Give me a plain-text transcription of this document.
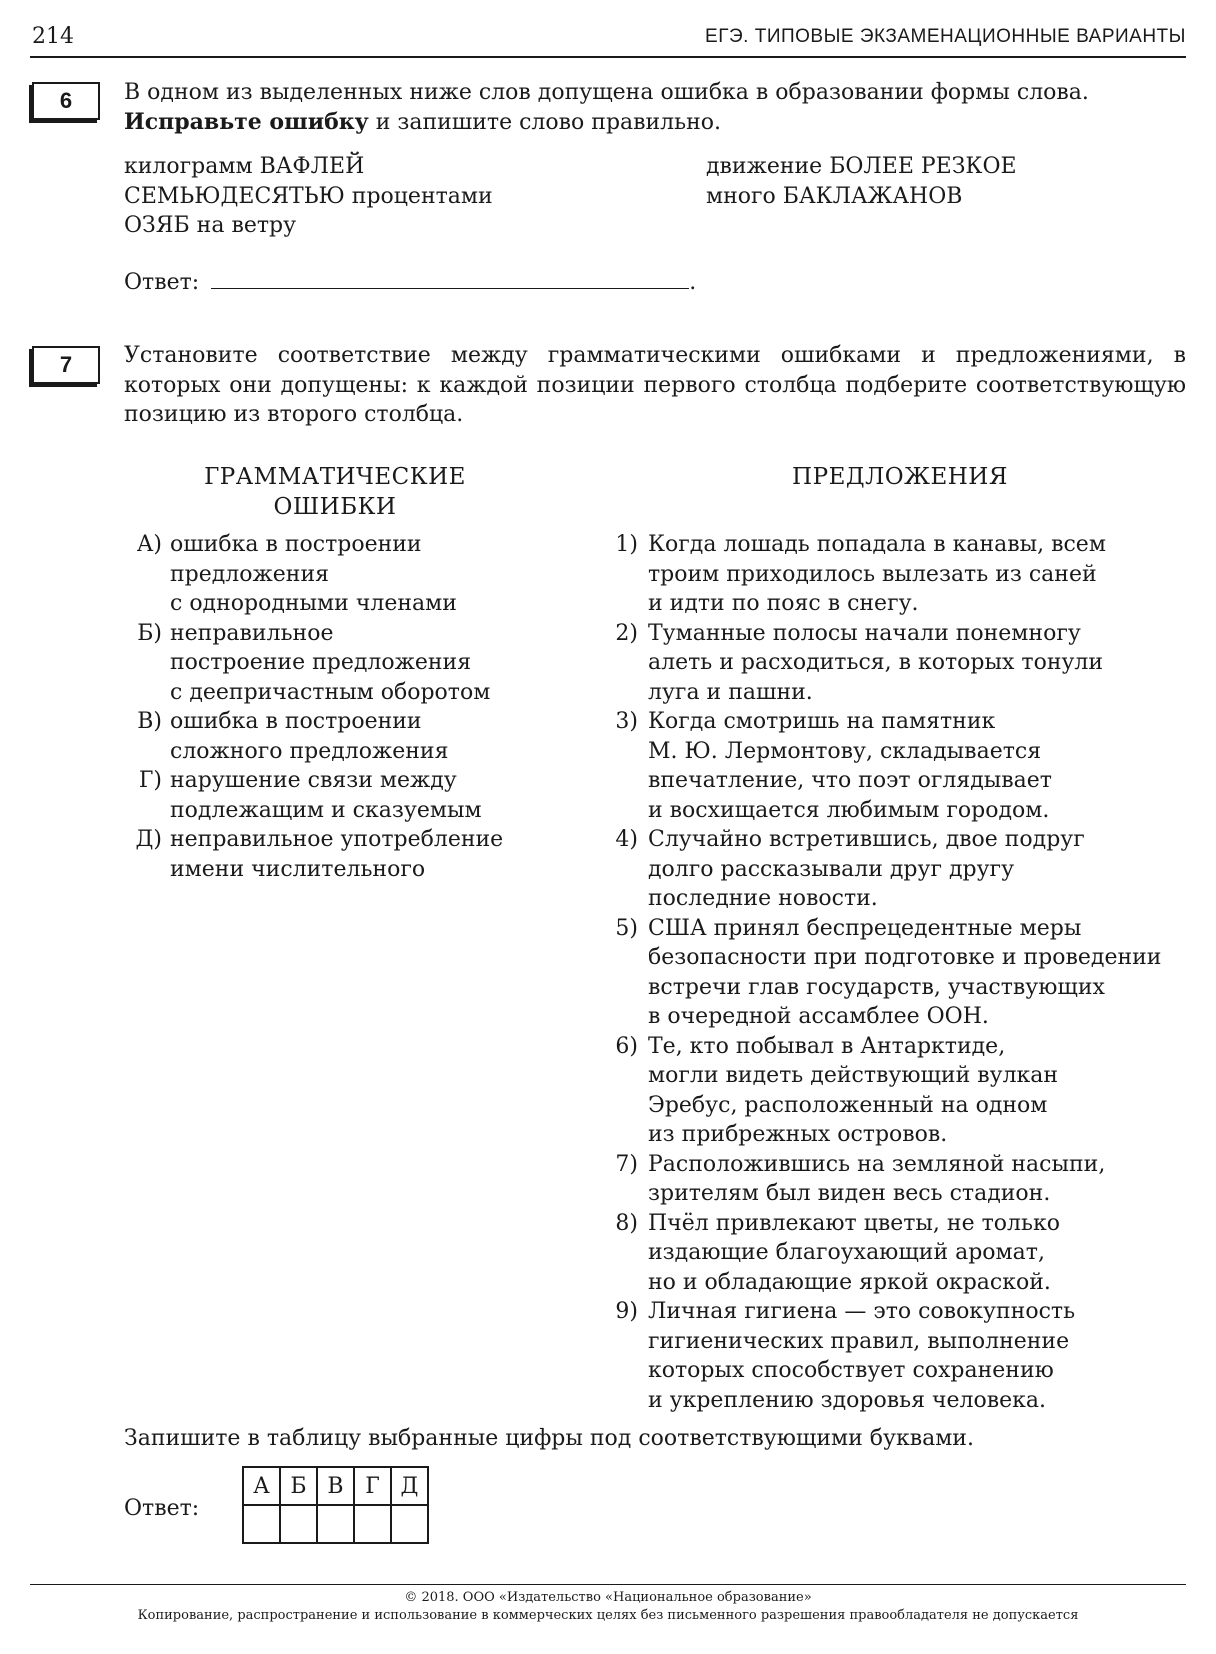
214	ЕГЭ. ТИПОВЫЕ ЭКЗАМЕНАЦИОННЫЕ ВАРИАНТЫ
6	В одном из выделенных ниже слов допущена ошибка в образовании формы слова.
Исправьте ошибку и запишите слово правильно.
килограмм ВАФЛЕЙ
СЕМЬЮДЕСЯТЬЮ процентами
ОЗЯБ на ветру
движение БОЛЕЕ РЕЗКОЕ
много БАКЛАЖАНОВ
Ответ:	.
7	Установите соответствие между грамматическими ошибками и предложениями, в которых они допущены: к каждой позиции первого столбца подберите соответствующую позицию из второго столбца.
ГРАММАТИЧЕСКИЕ
ОШИБКИ
ПРЕДЛОЖЕНИЯ
А) ошибка в построении
предложения
с однородными членами
Б) неправильное
построение предложения
с деепричастным оборотом
В) ошибка в построении
сложного предложения
Г) нарушение связи между
подлежащим и сказуемым
Д) неправильное употребление
имени числительного
1) Когда лошадь попадала в канавы, всем
троим приходилось вылезать из саней
и идти по пояс в снегу.
2) Туманные полосы начали понемногу
алеть и расходиться, в которых тонули
луга и пашни.
3) Когда смотришь на памятник
М. Ю. Лермонтову, складывается
впечатление, что поэт оглядывает
и восхищается любимым городом.
4) Случайно встретившись, двое подруг
долго рассказывали друг другу
последние новости.
5) США принял беспрецедентные меры
безопасности при подготовке и проведении
встречи глав государств, участвующих
в очередной ассамблее ООН.
6) Те, кто побывал в Антарктиде,
могли видеть действующий вулкан
Эребус, расположенный на одном
из прибрежных островов.
7) Расположившись на земляной насыпи,
зрителям был виден весь стадион.
8) Пчёл привлекают цветы, не только
издающие благоухающий аромат,
но и обладающие яркой окраской.
9) Личная гигиена — это совокупность
гигиенических правил, выполнение
которых способствует сохранению
и укреплению здоровья человека.
Запишите в таблицу выбранные цифры под соответствующими буквами.
Ответ:
А	Б	В	Г	Д

© 2018. ООО «Издательство «Национальное образование»
Копирование, распространение и использование в коммерческих целях без письменного разрешения правообладателя не допускается
